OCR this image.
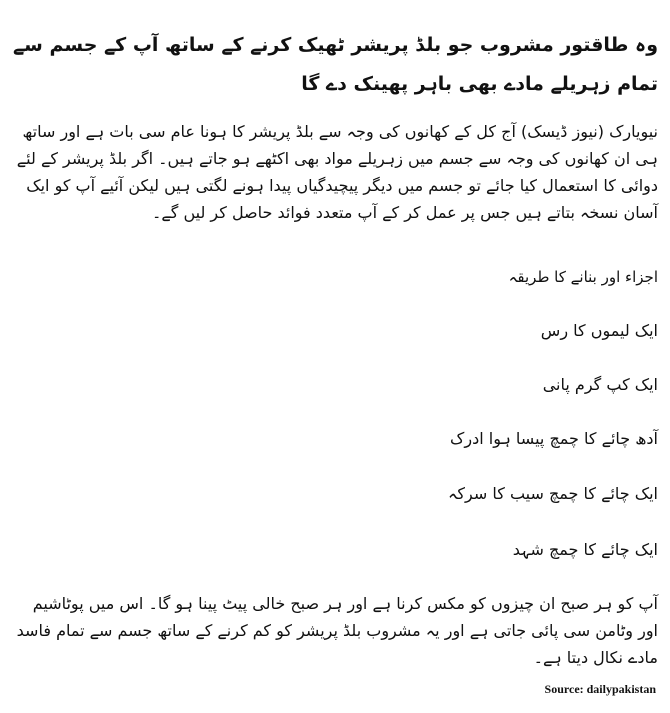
وہ طاقتور مشروب جو بلڈ پریشر ٹھیک کرنے کے ساتھ آپ کے جسم سے تمام زہریلے مادے بھی باہر پھینک دے گا

نیویارک (نیوز ڈیسک) آج کل کے کھانوں کی وجہ سے بلڈ پریشر کا ہونا عام سی بات ہے اور ساتھ ہی ان کھانوں کی وجہ سے جسم میں زہریلے مواد بھی اکٹھے ہو جاتے ہیں۔ اگر بلڈ پریشر کے لئے دوائی کا استعمال کیا جائے تو جسم میں دیگر پیچیدگیاں پیدا ہونے لگتی ہیں لیکن آئیے آپ کو ایک آسان نسخہ بتاتے ہیں جس پر عمل کر کے آپ متعدد فوائد حاصل کر لیں گے۔

اجزاء اور بنانے کا طریقہ

ایک لیموں کا رس

ایک کپ گرم پانی

آدھ چائے کا چمچ پیسا ہوا ادرک

ایک چائے کا چمچ سیب کا سرکہ

ایک چائے کا چمچ شہد

آپ کو ہر صبح ان چیزوں کو مکس کرنا ہے اور ہر صبح خالی پیٹ پینا ہو گا۔ اس میں پوٹاشیم اور وٹامن سی پائی جاتی ہے اور یہ مشروب بلڈ پریشر کو کم کرنے کے ساتھ جسم سے تمام فاسد مادے نکال دیتا ہے۔

Source: dailypakistan
